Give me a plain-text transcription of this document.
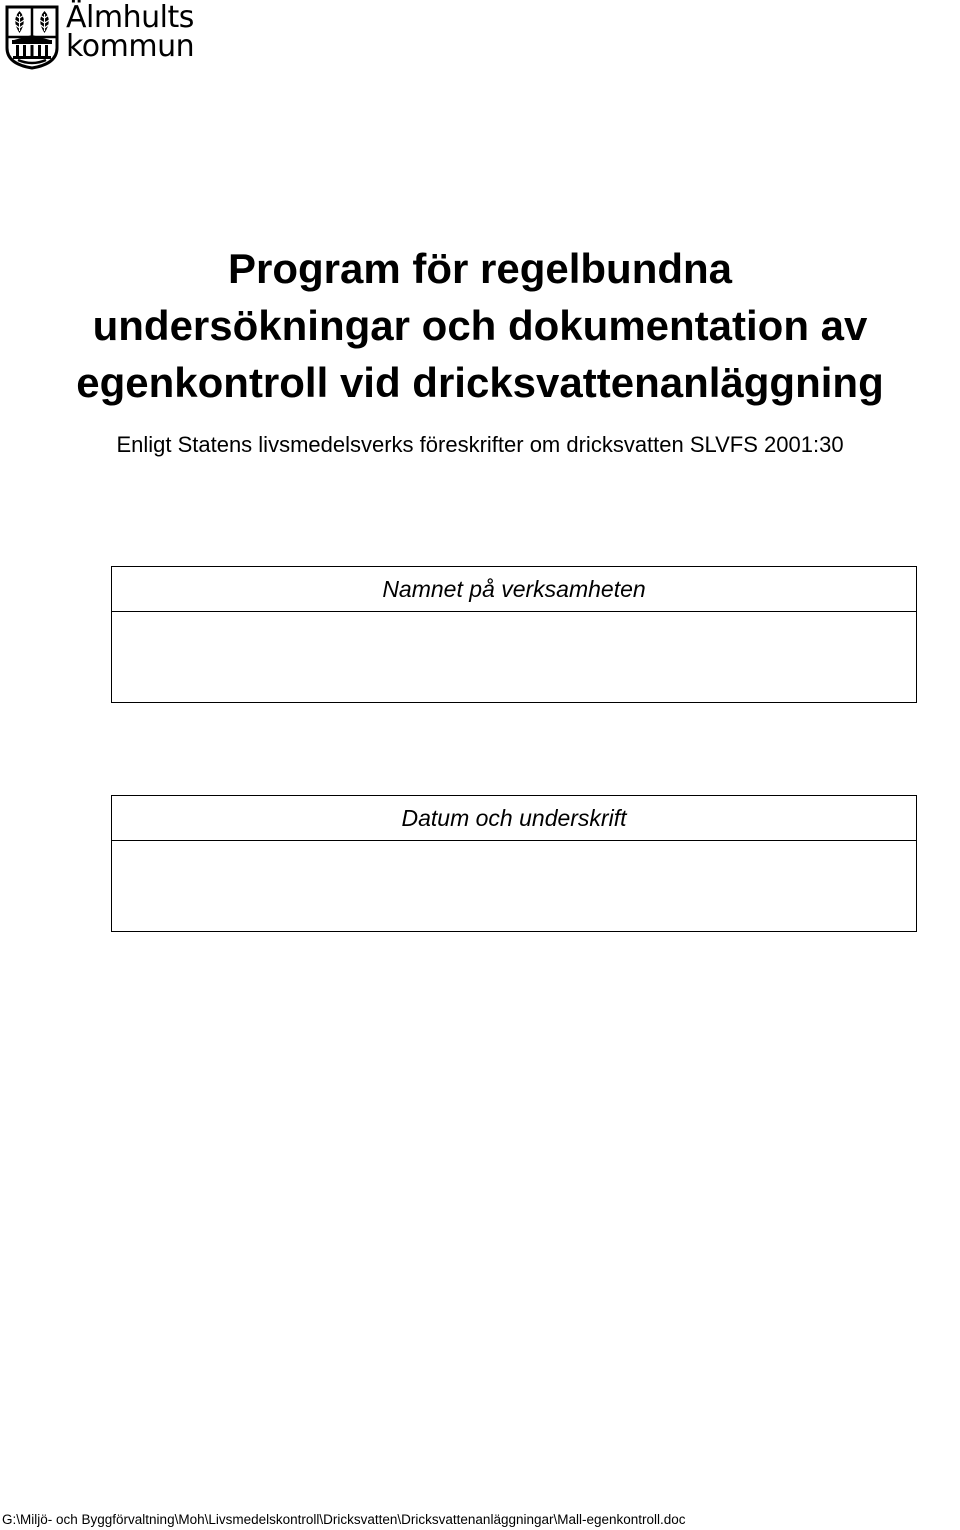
Älmhults
kommun
Program för regelbundna
undersökningar och dokumentation av
egenkontroll vid dricksvattenanläggning

Enligt Statens livsmedelsverks föreskrifter om dricksvatten SLVFS 2001:30

Namnet på verksamheten
Datum och underskrift
G:\Miljö- och Byggförvaltning\Moh\Livsmedelskontroll\Dricksvatten\Dricksvattenanläggningar\Mall-egenkontroll.doc
